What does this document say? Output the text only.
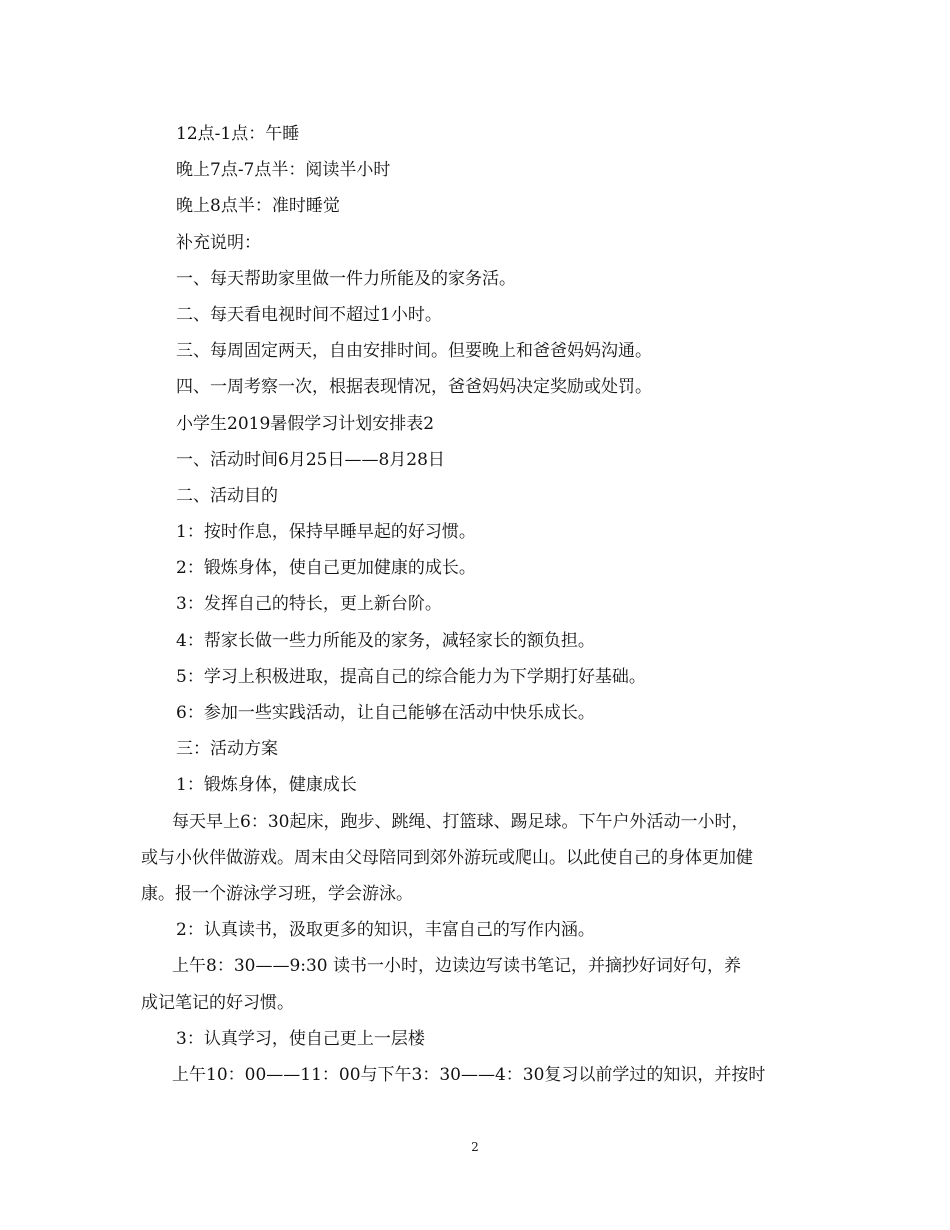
12点-1点：午睡
晚上7点-7点半：阅读半小时
晚上8点半：准时睡觉
补充说明：
一、每天帮助家里做一件力所能及的家务活。
二、每天看电视时间不超过1小时。
三、每周固定两天，自由安排时间。但要晚上和爸爸妈妈沟通。
四、一周考察一次，根据表现情况，爸爸妈妈决定奖励或处罚。
小学生2019暑假学习计划安排表2
一、活动时间6月25日——8月28日
二、活动目的
1：按时作息，保持早睡早起的好习惯。
2：锻炼身体，使自己更加健康的成长。
3：发挥自己的特长，更上新台阶。
4：帮家长做一些力所能及的家务，减轻家长的额负担。
5：学习上积极进取，提高自己的综合能力为下学期打好基础。
6：参加一些实践活动，让自己能够在活动中快乐成长。
三：活动方案
1：锻炼身体，健康成长
每天早上6：30起床，跑步、跳绳、打篮球、踢足球。下午户外活动一小时，
或与小伙伴做游戏。周末由父母陪同到郊外游玩或爬山。以此使自己的身体更加健
康。报一个游泳学习班，学会游泳。
2：认真读书，汲取更多的知识，丰富自己的写作内涵。
上午8：30——9:30 读书一小时，边读边写读书笔记，并摘抄好词好句，养
成记笔记的好习惯。
3：认真学习，使自己更上一层楼
上午10：00——11：00与下午3：30——4：30复习以前学过的知识，并按时
2
